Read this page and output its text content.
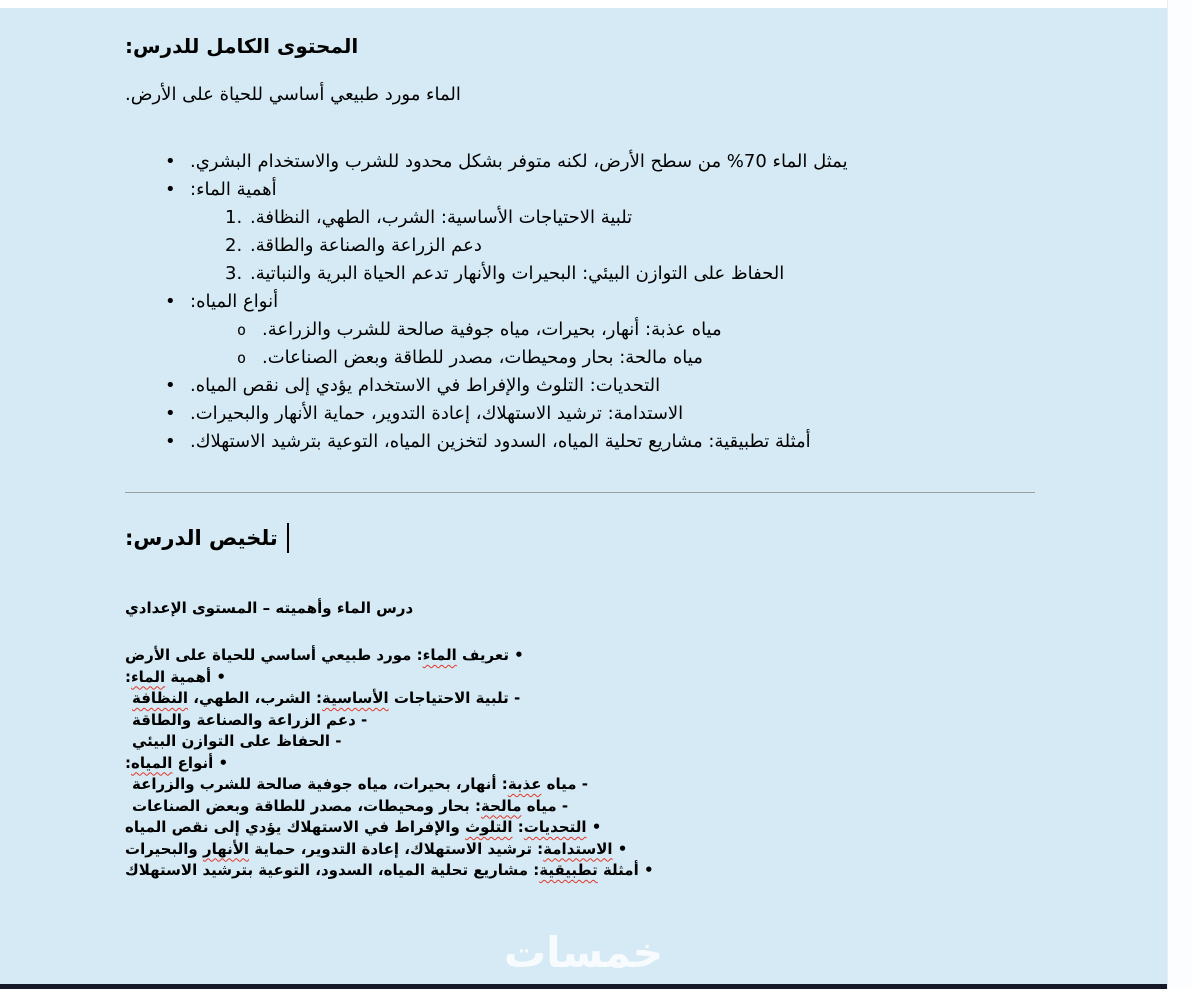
المحتوى الكامل للدرس:
الماء مورد طبيعي أساسي للحياة على الأرض.
• يمثل الماء 70% من سطح الأرض، لكنه متوفر بشكل محدود للشرب والاستخدام البشري.
• أهمية الماء:
1. تلبية الاحتياجات الأساسية: الشرب، الطهي، النظافة.
2. دعم الزراعة والصناعة والطاقة.
3. الحفاظ على التوازن البيئي: البحيرات والأنهار تدعم الحياة البرية والنباتية.
• أنواع المياه:
o مياه عذبة: أنهار، بحيرات، مياه جوفية صالحة للشرب والزراعة.
o مياه مالحة: بحار ومحيطات، مصدر للطاقة وبعض الصناعات.
• التحديات: التلوث والإفراط في الاستخدام يؤدي إلى نقص المياه.
• الاستدامة: ترشيد الاستهلاك، إعادة التدوير، حماية الأنهار والبحيرات.
• أمثلة تطبيقية: مشاريع تحلية المياه، السدود لتخزين المياه، التوعية بترشيد الاستهلاك.
تلخيص الدرس:
درس الماء وأهميته – المستوى الإعدادي
• تعريف الماء: مورد طبيعي أساسي للحياة على الأرض
• أهمية الماء:
- تلبية الاحتياجات الأساسية: الشرب، الطهي، النظافة
- دعم الزراعة والصناعة والطاقة
- الحفاظ على التوازن البيئي
• أنواع المياه:
- مياه عذبة: أنهار، بحيرات، مياه جوفية صالحة للشرب والزراعة
- مياه مالحة: بحار ومحيطات، مصدر للطاقة وبعض الصناعات
• التحديات: التلوث والإفراط في الاستهلاك يؤدي إلى نقص المياه
• الاستدامة: ترشيد الاستهلاك، إعادة التدوير، حماية الأنهار والبحيرات
• أمثلة تطبيقية: مشاريع تحلية المياه، السدود، التوعية بترشيد الاستهلاك
خمسات
